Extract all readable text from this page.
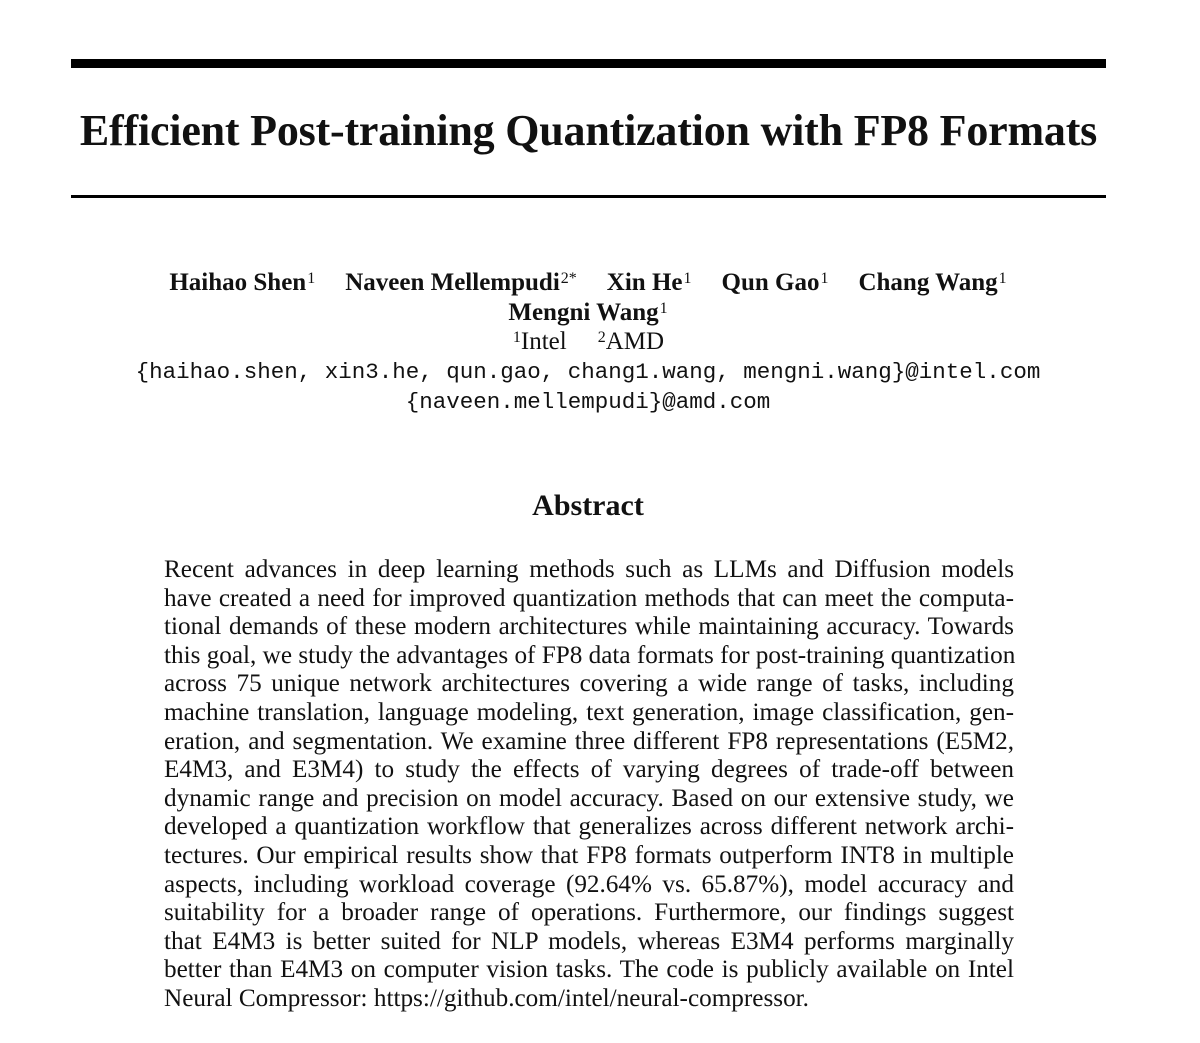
Efficient Post-training Quantization with FP8 Formats
Haihao Shen$^1$ Naveen Mellempudi$^{2*}$ Xin He$^1$ Qun Gao$^1$ Chang Wang$^1$
Mengni Wang$^1$
$^1$Intel $^2$AMD
{haihao.shen, xin3.he, qun.gao, chang1.wang, mengni.wang}@intel.com
{naveen.mellempudi}@amd.com
Abstract
Recent advances in deep learning methods such as LLMs and Diffusion models
have created a need for improved quantization methods that can meet the computa-
tional demands of these modern architectures while maintaining accuracy. Towards
this goal, we study the advantages of FP8 data formats for post-training quantization
across 75 unique network architectures covering a wide range of tasks, including
machine translation, language modeling, text generation, image classification, gen-
eration, and segmentation. We examine three different FP8 representations (E5M2,
E4M3, and E3M4) to study the effects of varying degrees of trade-off between
dynamic range and precision on model accuracy. Based on our extensive study, we
developed a quantization workflow that generalizes across different network archi-
tectures. Our empirical results show that FP8 formats outperform INT8 in multiple
aspects, including workload coverage (92.64% vs. 65.87%), model accuracy and
suitability for a broader range of operations. Furthermore, our findings suggest
that E4M3 is better suited for NLP models, whereas E3M4 performs marginally
better than E4M3 on computer vision tasks. The code is publicly available on Intel
Neural Compressor: https://github.com/intel/neural-compressor.
